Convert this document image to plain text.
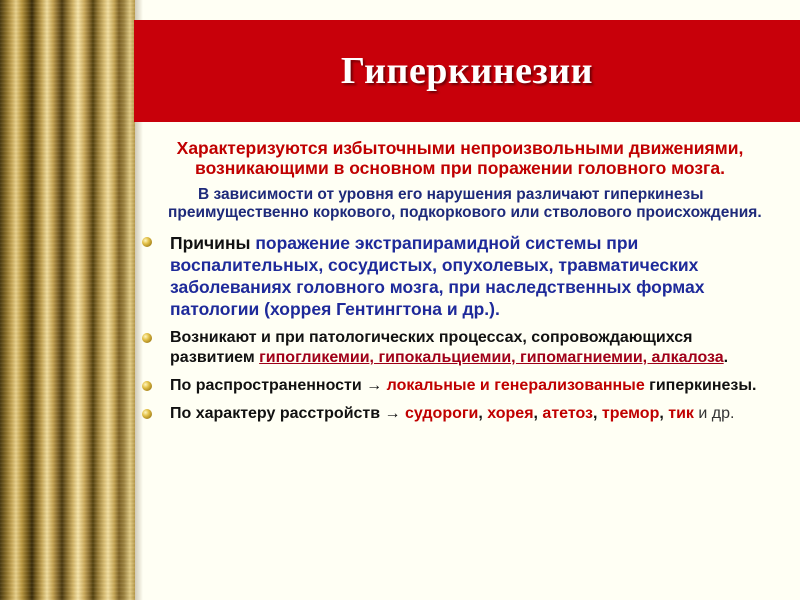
Гиперкинезии

Характеризуются избыточными непроизвольными движениями, возникающими в основном при поражении головного мозга.

В зависимости от уровня его нарушения различают гиперкинезы преимущественно коркового, подкоркового или стволового происхождения.

Причины поражение экстрапирамидной системы при воспалительных, сосудистых, опухолевых, травматических заболеваниях головного мозга, при наследственных формах патологии (хоррея Гентингтона и др.).
Возникают и при патологических процессах, сопровождающихся развитием гипогликемии, гипокальциемии, гипомагниемии, алкалоза.
По распространенности → локальные и генерализованные гиперкинезы.
По характеру расстройств → судороги, хорея, атетоз, тремор, тик и др.
